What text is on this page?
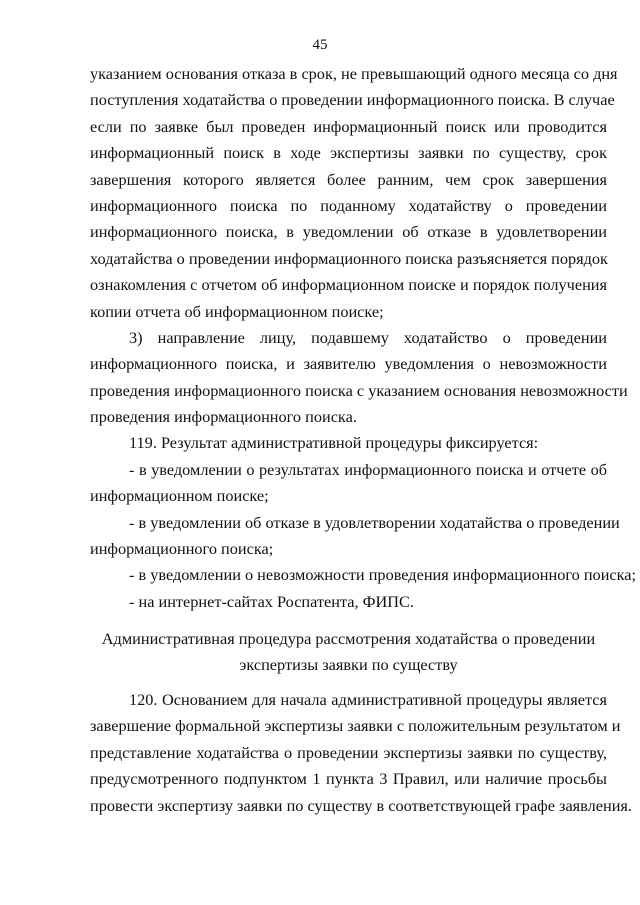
45
указанием основания отказа в срок, не превышающий одного месяца со дня
поступления ходатайства о проведении информационного поиска. В случае
если по заявке был проведен информационный поиск или проводится
информационный поиск в ходе экспертизы заявки по существу, срок
завершения которого является более ранним, чем срок завершения
информационного поиска по поданному ходатайству о проведении
информационного поиска, в уведомлении об отказе в удовлетворении
ходатайства о проведении информационного поиска разъясняется порядок
ознакомления с отчетом об информационном поиске и порядок получения
копии отчета об информационном поиске;
3) направление лицу, подавшему ходатайство о проведении
информационного поиска, и заявителю уведомления о невозможности
проведения информационного поиска с указанием основания невозможности
проведения информационного поиска.
119. Результат административной процедуры фиксируется:
- в уведомлении о результатах информационного поиска и отчете об
информационном поиске;
- в уведомлении об отказе в удовлетворении ходатайства о проведении
информационного поиска;
- в уведомлении о невозможности проведения информационного поиска;
- на интернет-сайтах Роспатента, ФИПС.
Административная процедура рассмотрения ходатайства о проведении
экспертизы заявки по существу
120. Основанием для начала административной процедуры является
завершение формальной экспертизы заявки с положительным результатом и
представление ходатайства о проведении экспертизы заявки по существу,
предусмотренного подпунктом 1 пункта 3 Правил, или наличие просьбы
провести экспертизу заявки по существу в соответствующей графе заявления.
